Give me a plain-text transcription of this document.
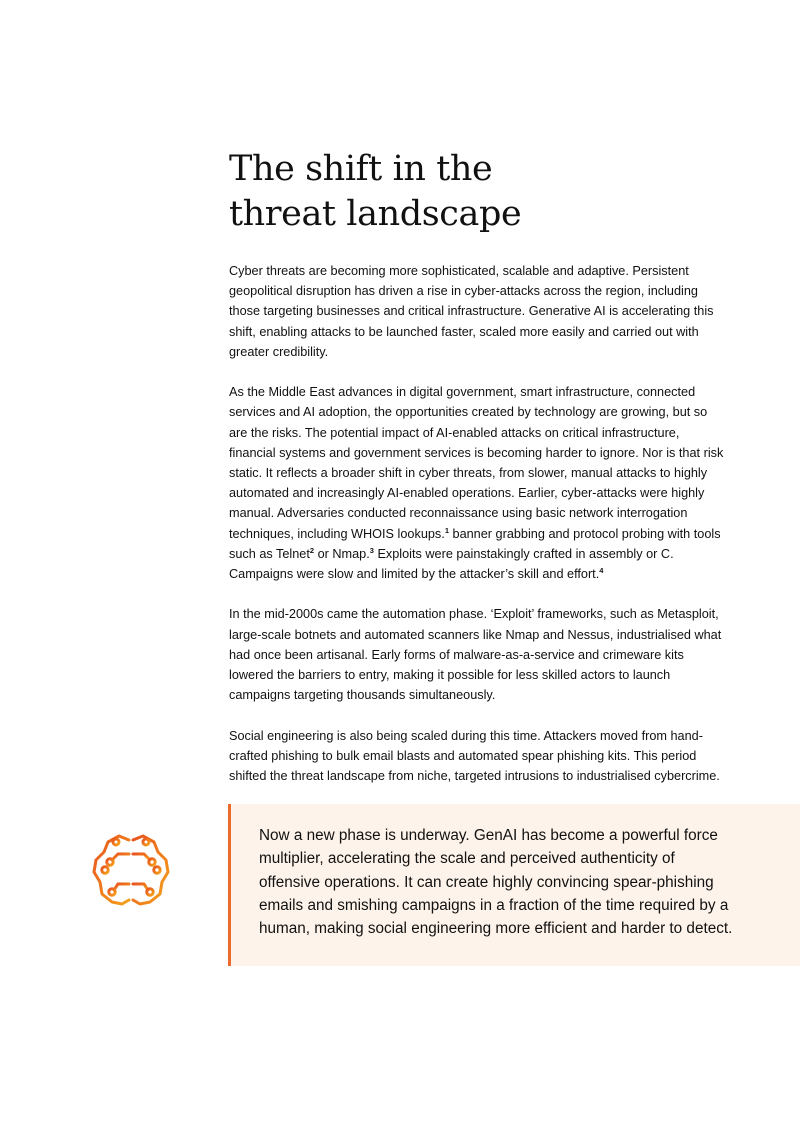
The shift in the
threat landscape

Cyber threats are becoming more sophisticated, scalable and adaptive. Persistent
geopolitical disruption has driven a rise in cyber-attacks across the region, including
those targeting businesses and critical infrastructure. Generative AI is accelerating this
shift, enabling attacks to be launched faster, scaled more easily and carried out with
greater credibility.

As the Middle East advances in digital government, smart infrastructure, connected
services and AI adoption, the opportunities created by technology are growing, but so
are the risks. The potential impact of AI-enabled attacks on critical infrastructure,
financial systems and government services is becoming harder to ignore. Nor is that risk
static. It reflects a broader shift in cyber threats, from slower, manual attacks to highly
automated and increasingly AI-enabled operations. Earlier, cyber-attacks were highly
manual. Adversaries conducted reconnaissance using basic network interrogation
techniques, including WHOIS lookups.$^1$ banner grabbing and protocol probing with tools
such as Telnet$^2$ or Nmap.$^3$ Exploits were painstakingly crafted in assembly or C.
Campaigns were slow and limited by the attacker’s skill and effort.$^4$

In the mid-2000s came the automation phase. ‘Exploit’ frameworks, such as Metasploit,
large-scale botnets and automated scanners like Nmap and Nessus, industrialised what
had once been artisanal. Early forms of malware-as-a-service and crimeware kits
lowered the barriers to entry, making it possible for less skilled actors to launch
campaigns targeting thousands simultaneously.

Social engineering is also being scaled during this time. Attackers moved from hand-
crafted phishing to bulk email blasts and automated spear phishing kits. This period
shifted the threat landscape from niche, targeted intrusions to industrialised cybercrime.

Now a new phase is underway. GenAI has become a powerful force
multiplier, accelerating the scale and perceived authenticity of
offensive operations. It can create highly convincing spear-phishing
emails and smishing campaigns in a fraction of the time required by a
human, making social engineering more efficient and harder to detect.
